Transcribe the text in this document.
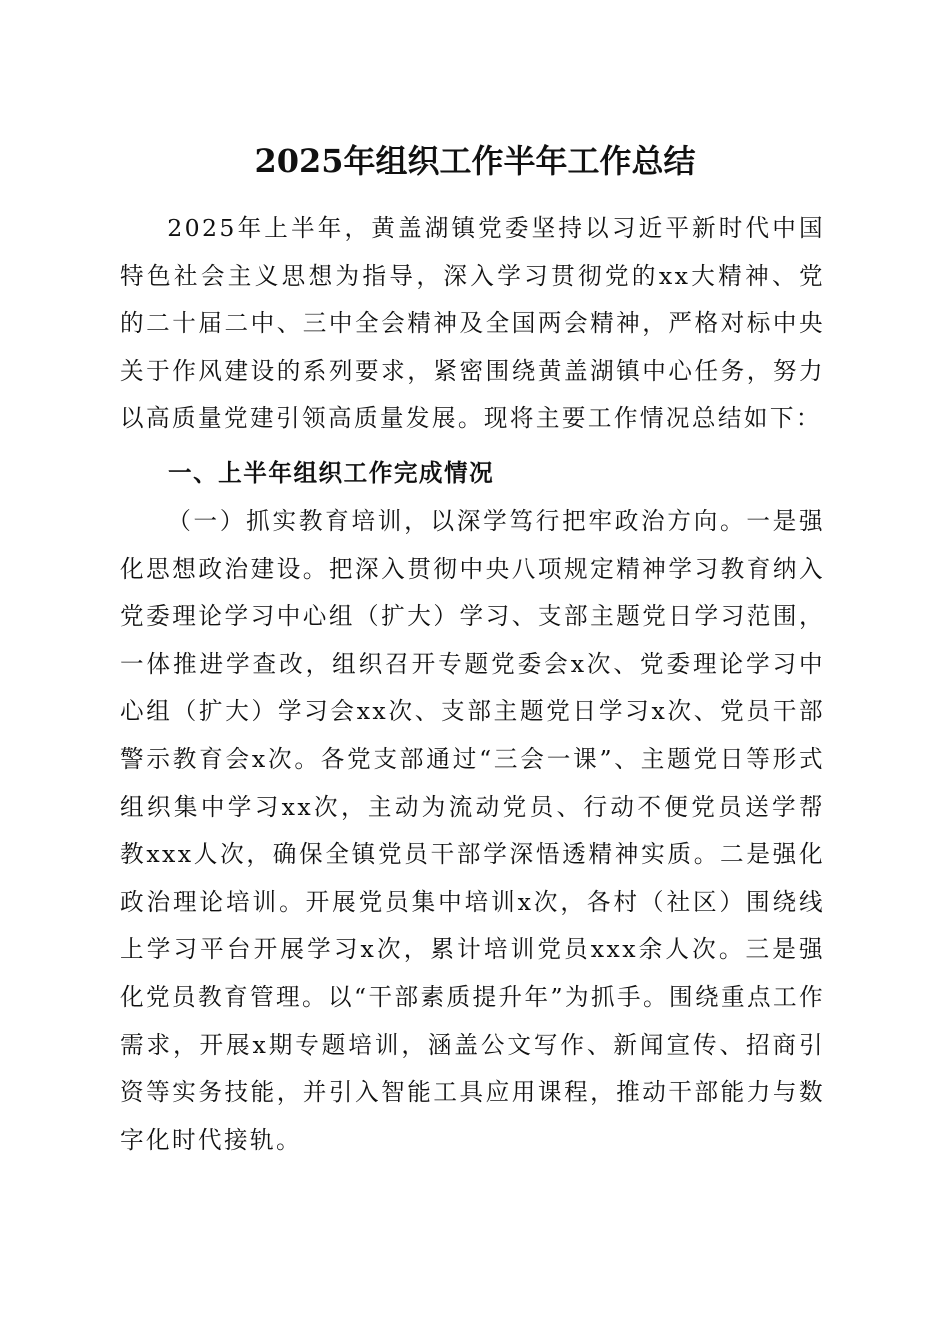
2025年组织工作半年工作总结

2025年上半年，黄盖湖镇党委坚持以习近平新时代中国特色社会主义思想为指导，深入学习贯彻党的xx大精神、党的二十届二中、三中全会精神及全国两会精神，严格对标中央关于作风建设的系列要求，紧密围绕黄盖湖镇中心任务，努力以高质量党建引领高质量发展。现将主要工作情况总结如下：

一、上半年组织工作完成情况

（一）抓实教育培训，以深学笃行把牢政治方向。一是强化思想政治建设。把深入贯彻中央八项规定精神学习教育纳入党委理论学习中心组（扩大）学习、支部主题党日学习范围，一体推进学查改，组织召开专题党委会x次、党委理论学习中心组（扩大）学习会xx次、支部主题党日学习x次、党员干部警示教育会x次。各党支部通过“三会一课”、主题党日等形式组织集中学习xx次，主动为流动党员、行动不便党员送学帮教xxx人次，确保全镇党员干部学深悟透精神实质。二是强化政治理论培训。开展党员集中培训x次，各村（社区）围绕线上学习平台开展学习x次，累计培训党员xxx余人次。三是强化党员教育管理。以“干部素质提升年”为抓手。围绕重点工作需求，开展x期专题培训，涵盖公文写作、新闻宣传、招商引资等实务技能，并引入智能工具应用课程，推动干部能力与数字化时代接轨。
